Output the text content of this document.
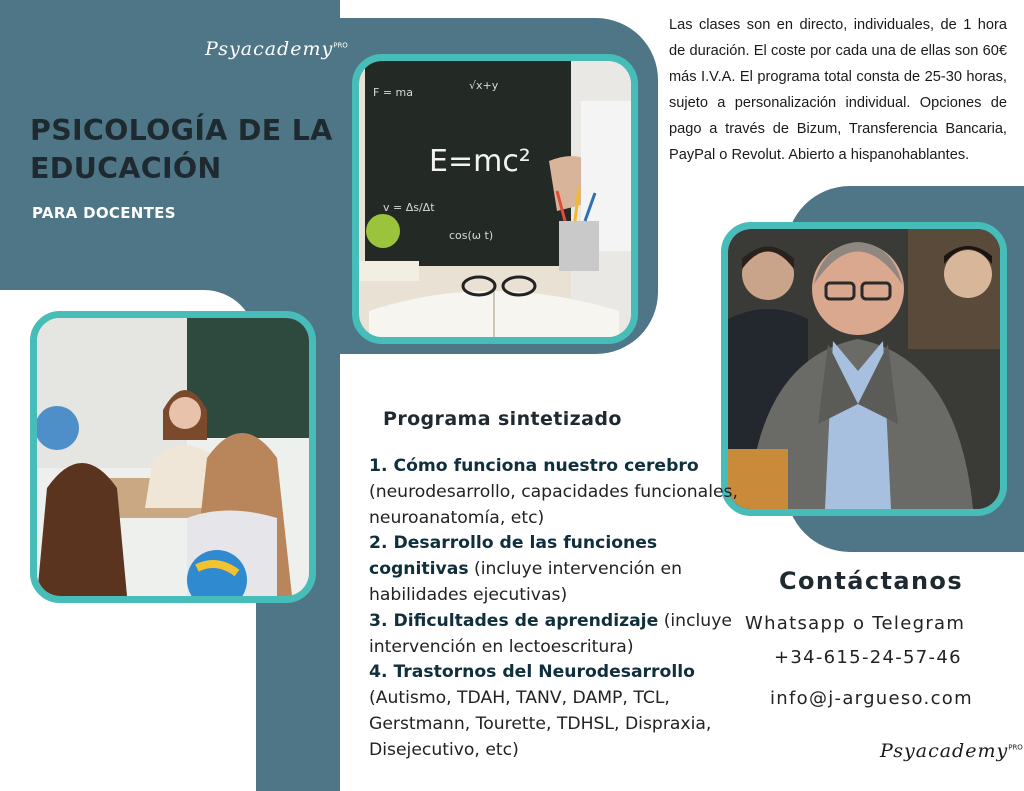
Psyacademy$^{PRO}$
PSICOLOGÍA DE LA EDUCACIÓN
PARA DOCENTES
Las clases son en directo, individuales, de 1 hora de duración. El coste por cada una de ellas son 60€ más I.V.A. El programa total consta de 25-30 horas, sujeto a personalización individual. Opciones de pago a través de Bizum, Transferencia Bancaria, PayPal o Revolut. Abierto a hispanohablantes.
E=mc²
F = ma
√x+y
v = Δs/Δt
cos(ω t)
Programa sintetizado

1. Cómo funciona nuestro cerebro (neurodesarrollo, capacidades funcionales, neuroanatomía, etc)

2. Desarrollo de las funciones cognitivas (incluye intervención en habilidades ejecutivas)

3. Dificultades de aprendizaje (incluye intervención en lectoescritura)

4. Trastornos del Neurodesarrollo (Autismo, TDAH, TANV, DAMP, TCL, Gerstmann, Tourette, TDHSL, Dispraxia, Disejecutivo, etc)

Contáctanos
Whatsapp o Telegram
+34-615-24-57-46
info@j-argueso.com
Psyacademy$^{PRO}$
